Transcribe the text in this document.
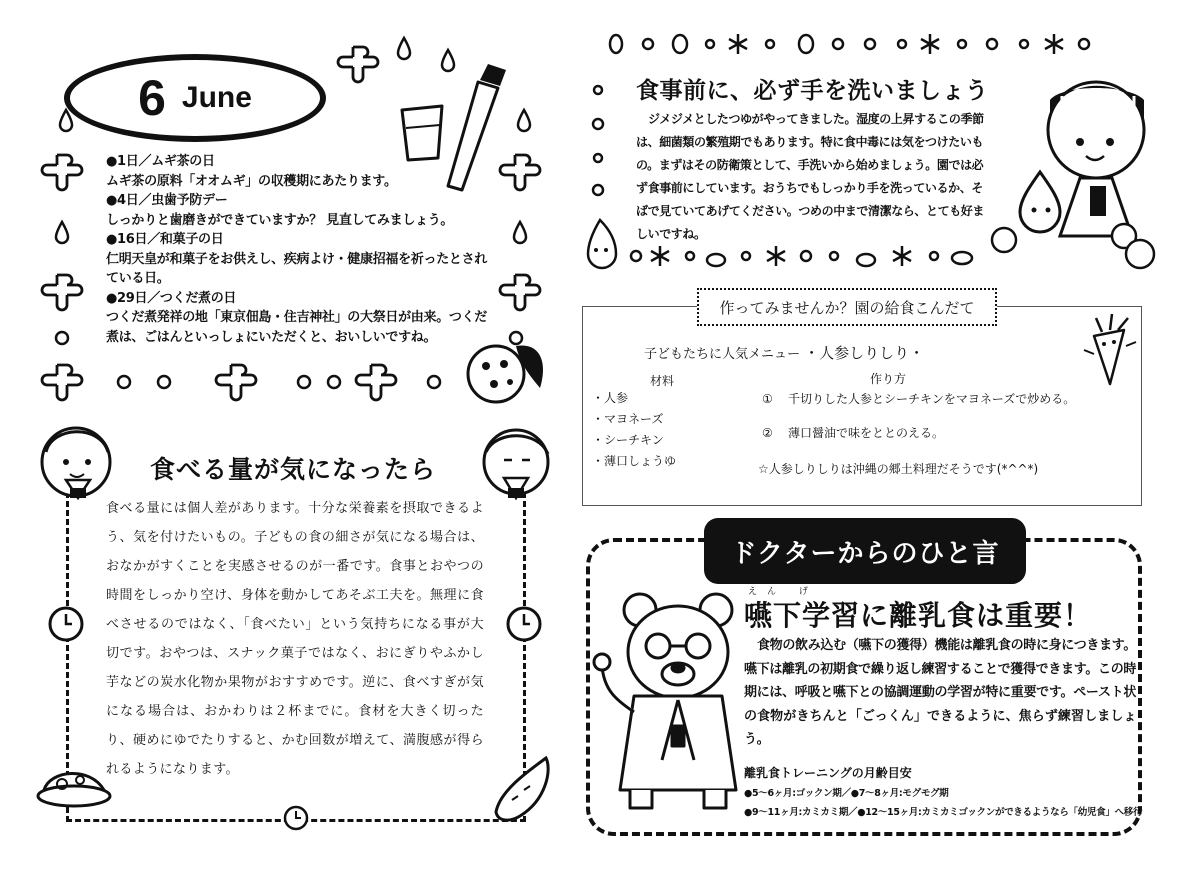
6 June
●1日／ムギ茶の日
ムギ茶の原料「オオムギ」の収穫期にあたります。
●4日／虫歯予防デー
しっかりと歯磨きができていますか？ 見直してみましょう。
●16日／和菓子の日
仁明天皇が和菓子をお供えし、疾病よけ・健康招福を祈ったとされている日。
●29日／つくだ煮の日
つくだ煮発祥の地「東京佃島・住吉神社」の大祭日が由来。つくだ煮は、ごはんといっしょにいただくと、おいしいですね。
食べる量が気になったら
食べる量には個人差があります。十分な栄養素を摂取できるよう、気を付けたいもの。子どもの食の細さが気になる場合は、おなかがすくことを実感させるのが一番です。食事とおやつの時間をしっかり空け、身体を動かしてあそぶ工夫を。無理に食べさせるのではなく、「食べたい」という気持ちになる事が大切です。おやつは、スナック菓子ではなく、おにぎりやふかし芋などの炭水化物か果物がおすすめです。逆に、食べすぎが気になる場合は、おかわりは２杯までに。食材を大きく切ったり、硬めにゆでたりすると、かむ回数が増えて、満腹感が得られるようになります。
食事前に、必ず手を洗いましょう
ジメジメとしたつゆがやってきました。湿度の上昇するこの季節は、細菌類の繁殖期でもあります。特に食中毒には気をつけたいもの。まずはその防衛策として、手洗いから始めましょう。園では必ず食事前にしています。おうちでもしっかり手を洗っているか、そばで見ていてあげてください。つめの中まで清潔なら、とても好ましいですね。
作ってみませんか？園の給食こんだて
子どもたちに人気メニュー ・人参しりしり・
材料
・ 人参
・ マヨネーズ
・ シーチキン
・ 薄口しょうゆ
作り方
① 千切りした人参とシーチキンをマヨネーズで炒める。
② 薄口醤油で味をととのえる。
☆人参しりしりは沖縄の郷土料理だそうです(*^^*)
ドクターからのひと言
えん げ
嚥下学習に離乳食は重要！
食物の飲み込む（嚥下の獲得）機能は離乳食の時に身につきます。嚥下は離乳の初期食で繰り返し練習することで獲得できます。この時期には、呼吸と嚥下との協調運動の学習が特に重要です。ペースト状の食物がきちんと「ごっくん」できるように、焦らず練習しましょう。
離乳食トレーニングの月齢目安
●5～6ヶ月:ゴックン期／●7～8ヶ月:モグモグ期
●9～11ヶ月:カミカミ期／●12～15ヶ月:カミカミゴックンができるようなら「幼児食」へ移行
